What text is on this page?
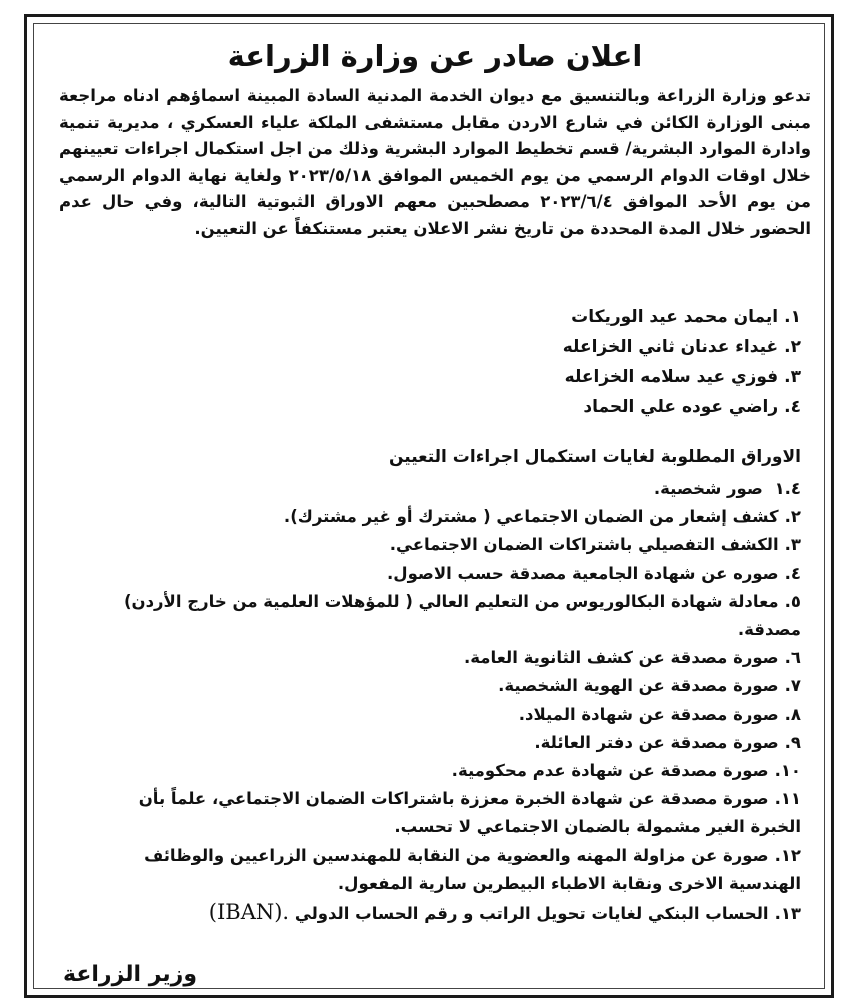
اعلان صادر عن وزارة الزراعة
تدعو وزارة الزراعة وبالتنسيق مع ديوان الخدمة المدنية السادة المبينة اسماؤهم ادناه مراجعة مبنى الوزارة الكائن في شارع الاردن مقابل مستشفى الملكة علياء العسكري ، مديرية تنمية وادارة الموارد البشرية/ قسم تخطيط الموارد البشرية وذلك من اجل استكمال اجراءات تعيينهم خلال اوقات الدوام الرسمي من يوم الخميس الموافق ٢٠٢٣/٥/١٨ ولغاية نهاية الدوام الرسمي من يوم الأحد الموافق ٢٠٢٣/٦/٤ مصطحبين معهم الاوراق الثبوتية التالية، وفي حال عدم الحضور خلال المدة المحددة من تاريخ نشر الاعلان يعتبر مستنكفاً عن التعيين.
١.ايمان محمد عيد الوريكات
٢.غيداء عدنان ثاني الخزاعله
٣.فوزي عيد سلامه الخزاعله
٤.راضي عوده علي الحماد
الاوراق المطلوبة لغايات استكمال اجراءات التعيين
١.٤ صور شخصية.
٢.كشف إشعار من الضمان الاجتماعي ( مشترك أو غير مشترك).
٣.الكشف التفصيلي باشتراكات الضمان الاجتماعي.
٤.صوره عن شهادة الجامعية مصدقة حسب الاصول.
٥.معادلة شهادة البكالوريوس من التعليم العالي ( للمؤهلات العلمية من خارج الأردن)
مصدقة.
٦.صورة مصدقة عن كشف الثانوية العامة.
٧.صورة مصدقة عن الهوية الشخصية.
٨.صورة مصدقة عن شهادة الميلاد.
٩.صورة مصدقة عن دفتر العائلة.
١٠.صورة مصدقة عن شهادة عدم محكومية.
١١.صورة مصدقة عن شهادة الخبرة معززة باشتراكات الضمان الاجتماعي، علماً بأن
الخبرة الغير مشمولة بالضمان الاجتماعي لا تحسب.
١٢.صورة عن مزاولة المهنه والعضوية من النقابة للمهندسين الزراعيين والوظائف
الهندسية الاخرى ونقابة الاطباء البيطرين سارية المفعول.
١٣.الحساب البنكي لغايات تحويل الراتب و رقم الحساب الدولي (IBAN).
وزير الزراعة
